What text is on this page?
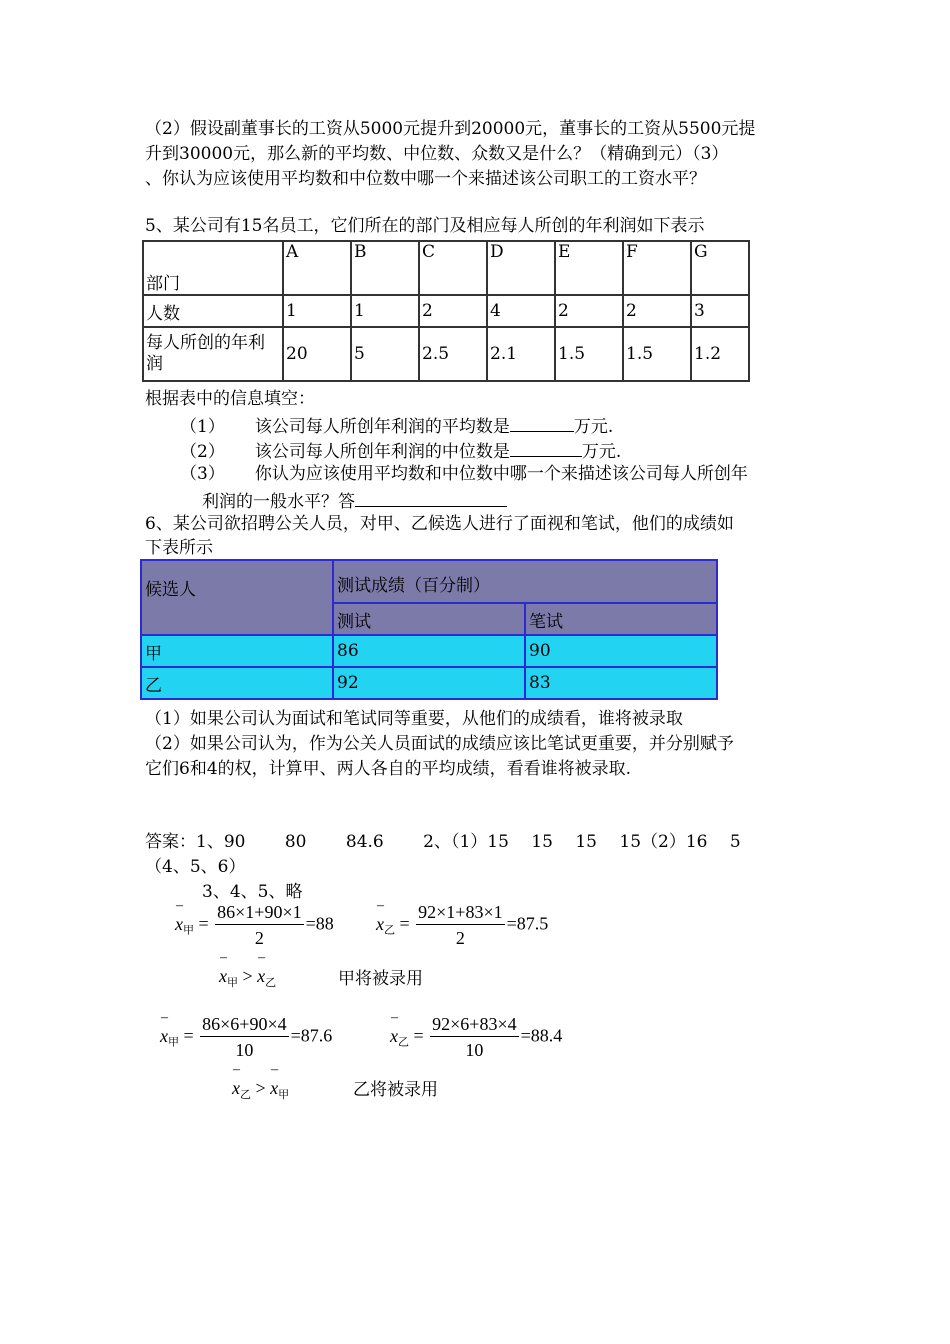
（2）假设副董事长的工资从5000元提升到20000元，董事长的工资从5500元提
升到30000元，那么新的平均数、中位数、众数又是什么？（精确到元）（3）
、你认为应该使用平均数和中位数中哪一个来描述该公司职工的工资水平？
5、某公司有15名员工，它们所在的部门及相应每人所创的年利润如下表示
部门	A	B	C	D	E	F	G
人数	1	1	2	4	2	2	3
每人所创的年利润	20	5	2.5	2.1	1.5	1.5	1.2
根据表中的信息填空：
（1） 该公司每人所创年利润的平均数是	万元.
（2） 该公司每人所创年利润的中位数是	万元.
（3） 你认为应该使用平均数和中位数中哪一个来描述该公司每人所创年
利润的一般水平？答
6、某公司欲招聘公关人员，对甲、乙候选人进行了面视和笔试，他们的成绩如
下表所示
候选人	测试成绩（百分制）	
	测试	笔试
甲	86	90
乙	92	83
（1）如果公司认为面试和笔试同等重要，从他们的成绩看，谁将被录取
（2）如果公司认为，作为公关人员面试的成绩应该比笔试更重要，并分别赋予
它们6和4的权，计算甲、两人各自的平均成绩，看看谁将被录取.
答案：1、90　　 80　　 84.6　　 2、（1）15　 15　 15　 15（2）16　 5
（4、5、6）
3、4、5、略
– $x_甲 = \frac{86\times 1+90\times 1}{2} =88 - x_乙 = \frac{92\times 1+83\times 1}{2} =87.5$
– $x_甲$ > – $x_乙$	甲将被录用
– $x_甲 = \frac{86\times 6+90\times 4}{10} =87.6$	– $x_乙 = \frac{92\times 6+83\times 4}{10} =88.4$
– $x_乙$ > – $x_甲$	乙将被录用
